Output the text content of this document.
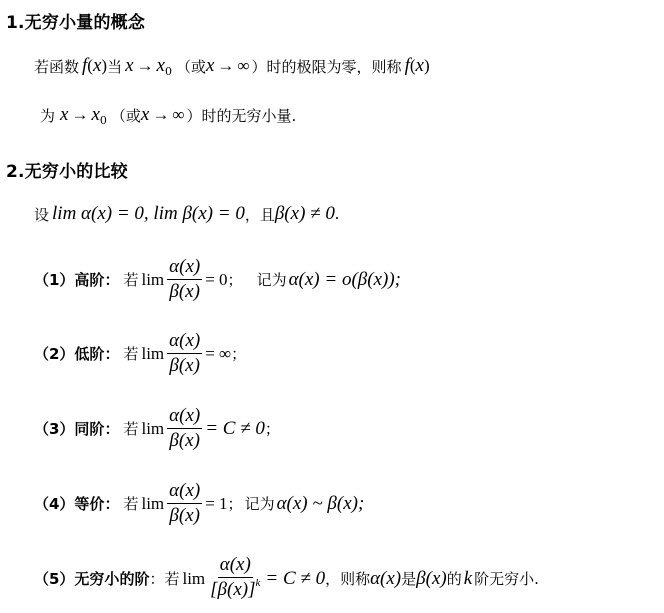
1.无穷小量的概念
若函数 f ( x ) 当 x → x 0 （或 x → ∞ ）时的极限为零，则称 f ( x )
为 x → x 0 （或 x → ∞ ）时的无穷小量.
2.无穷小的比较
设 lim α(x) = 0, lim β(x) = 0 ，且 β(x) ≠ 0 .
（1）高阶 ： 若 $\lim \frac{\alpha(x)}{\beta(x)} = 0$ ； 记为 α(x) = o(β(x));
（2）低阶 ： 若 $\lim \frac{\alpha(x)}{\beta(x)}$ = ∞ ；
（3）同阶 ： 若 $\lim \frac{\alpha(x)}{\beta(x)} = C \ne 0$ ；
（4）等价 ： 若 $\lim \frac{\alpha(x)}{\beta(x)} = 1$ ； 记为 α(x) ~ β(x);
（5）无穷小的阶 ： 若 $\lim \frac{\alpha(x)}{[\beta(x)]^k} = C \ne 0$ ，则称 α(x) 是 β(x) 的 k 阶无穷小.
